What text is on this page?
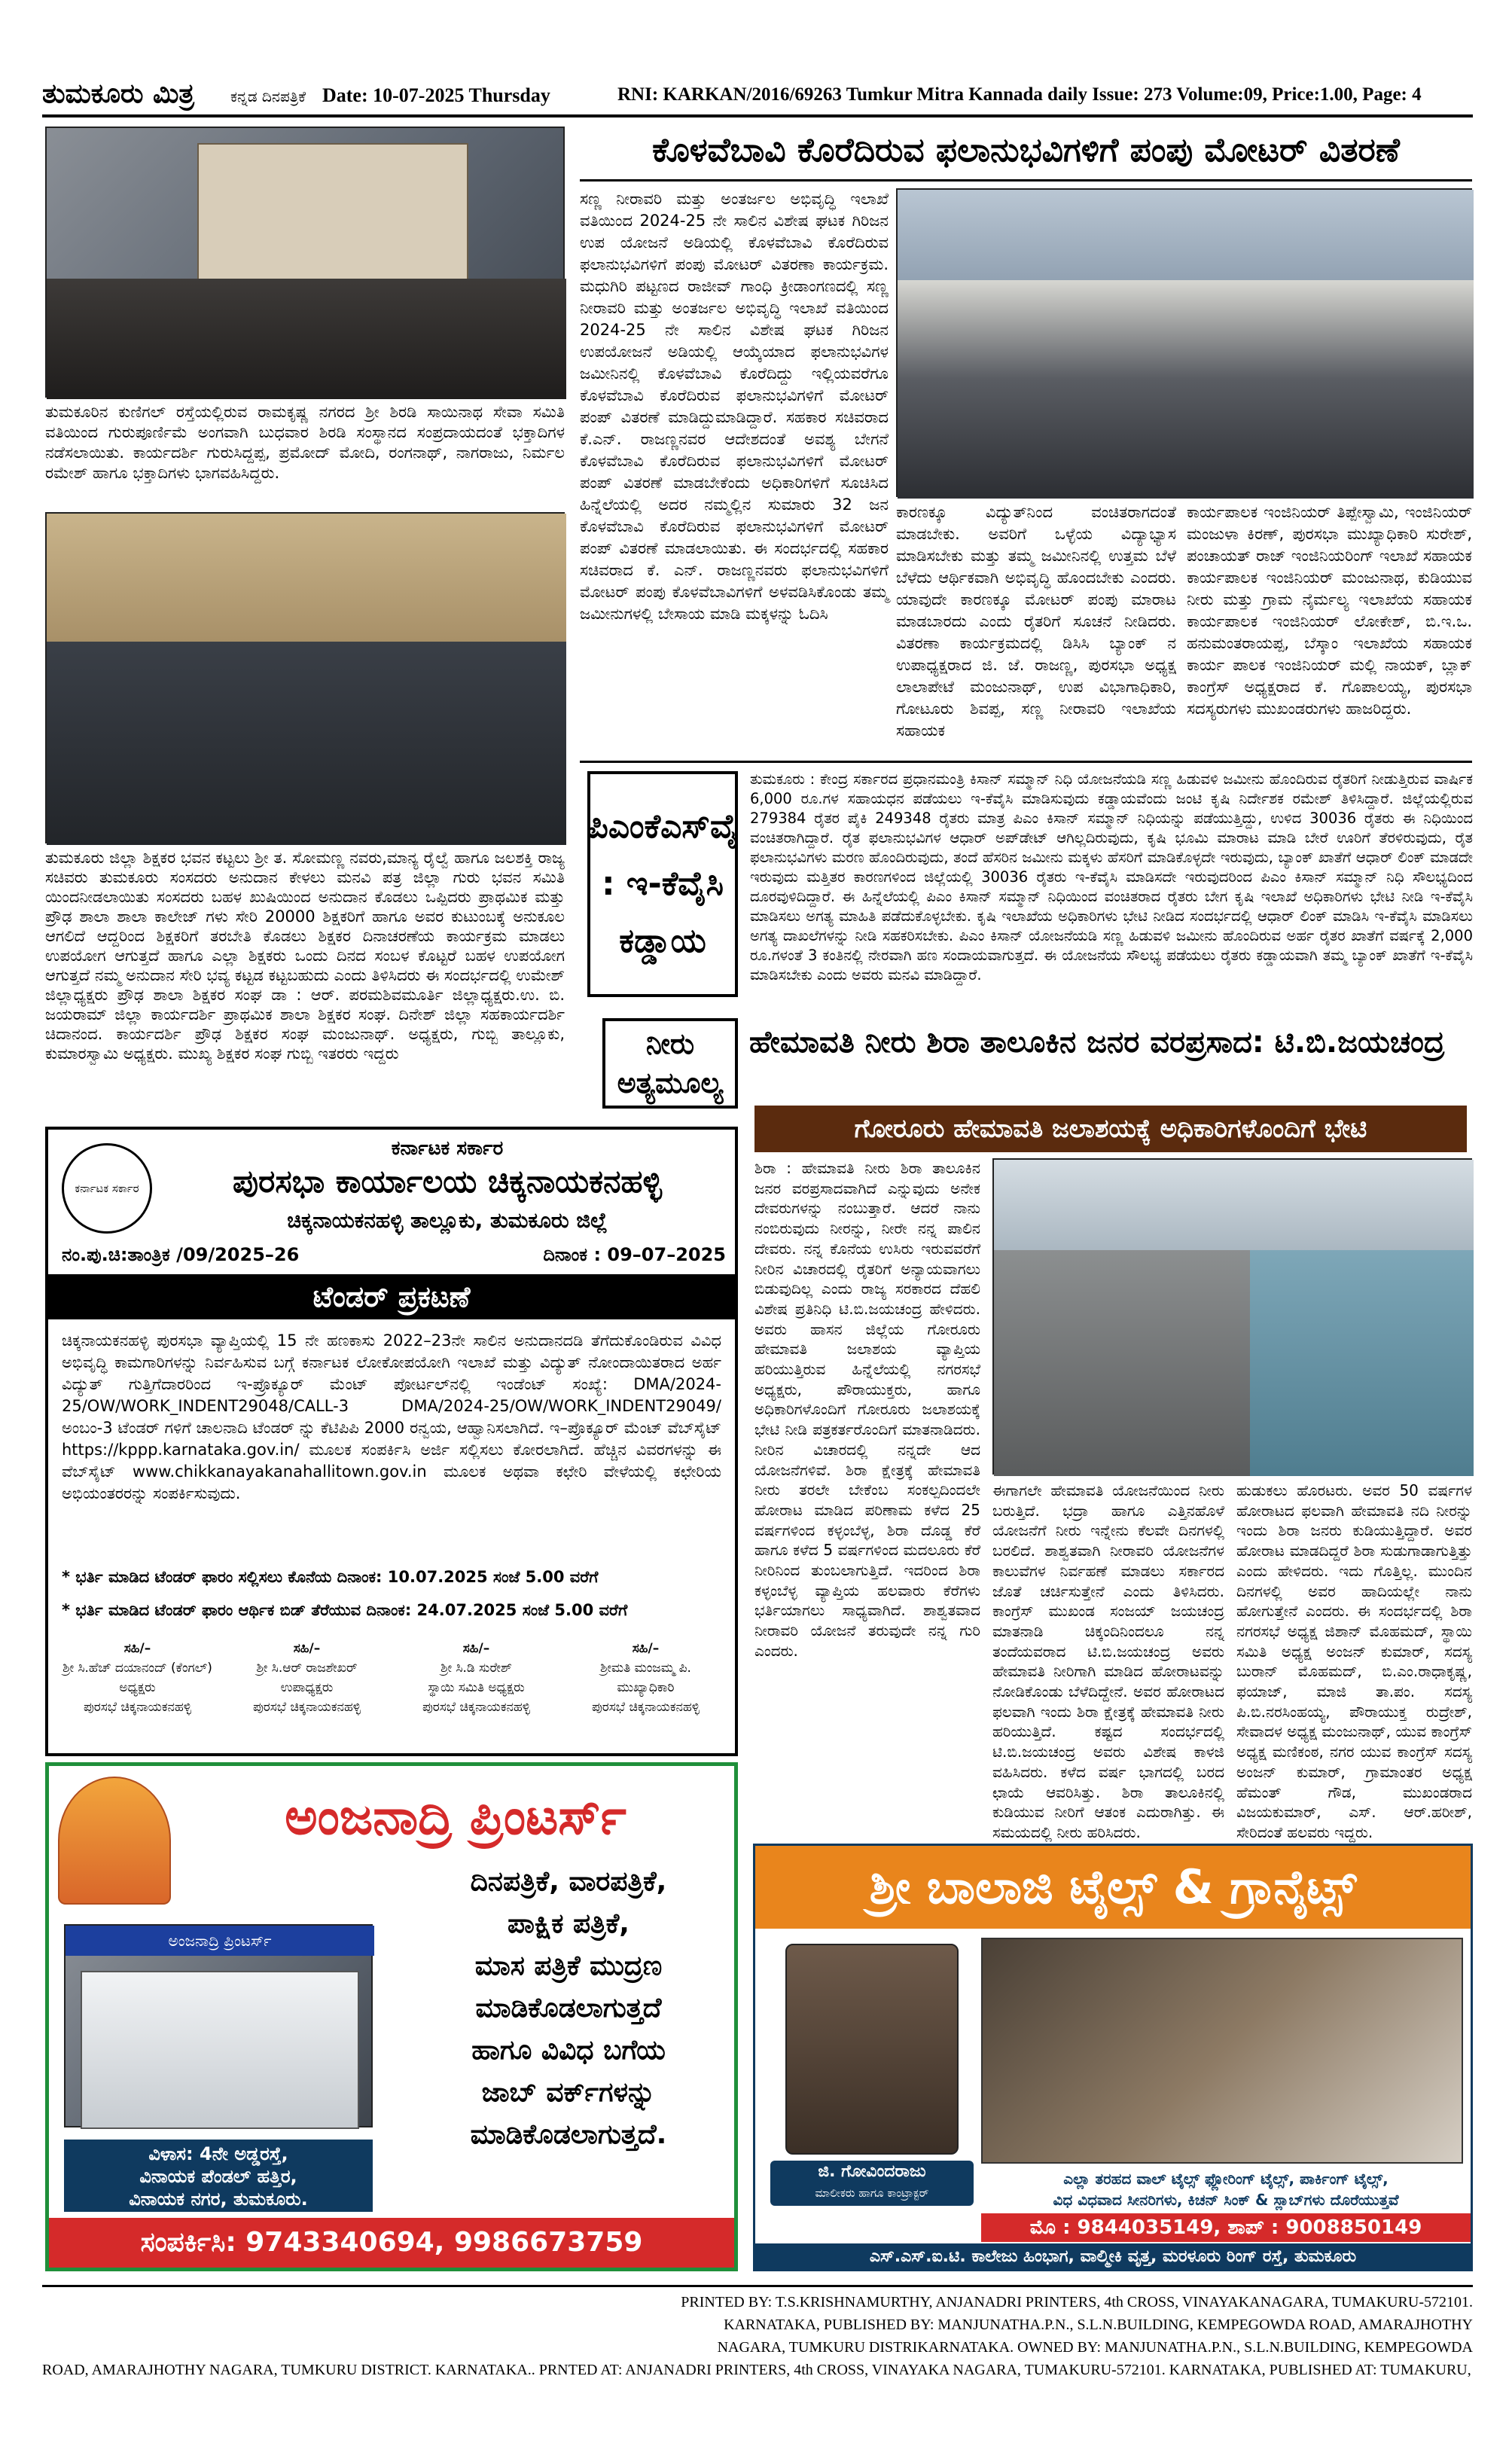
ತುಮಕೂರು ಮಿತ್ರ ಕನ್ನಡ ದಿನಪತ್ರಿಕೆ Date: 10-07-2025 Thursday	RNI: KARKAN/2016/69263 Tumkur Mitra Kannada daily Issue: 273 Volume:09, Price:1.00, Page: 4
ತುಮಕೂರಿನ ಕುಣಿಗಲ್ ರಸ್ತೆಯಲ್ಲಿರುವ ರಾಮಕೃಷ್ಣ ನಗರದ ಶ್ರೀ ಶಿರಡಿ ಸಾಯಿನಾಥ ಸೇವಾ ಸಮಿತಿ ವತಿಯಿಂದ ಗುರುಪೂರ್ಣಿಮೆ ಅಂಗವಾಗಿ ಬುಧವಾರ ಶಿರಡಿ ಸಂಸ್ಥಾನದ ಸಂಪ್ರದಾಯದಂತೆ ಭಕ್ತಾದಿಗಳ ನಡೆಸಲಾಯಿತು. ಕಾರ್ಯದರ್ಶಿ ಗುರುಸಿದ್ದಪ್ಪ, ಪ್ರಮೋದ್ ಮೋದಿ, ರಂಗನಾಥ್, ನಾಗರಾಜು, ನಿರ್ಮಲ ರಮೇಶ್ ಹಾಗೂ ಭಕ್ತಾದಿಗಳು ಭಾಗವಹಿಸಿದ್ದರು.
ತುಮಕೂರು ಜಿಲ್ಲಾ ಶಿಕ್ಷಕರ ಭವನ ಕಟ್ಟಲು ಶ್ರೀ ತ. ಸೋಮಣ್ಣ ನವರು,ಮಾನ್ಯ ರೈಲ್ವೆ ಹಾಗೂ ಜಲಶಕ್ತಿ ರಾಜ್ಯ ಸಚಿವರು ತುಮಕೂರು ಸಂಸದರು ಅನುದಾನ ಕೇಳಲು ಮನವಿ ಪತ್ರ ಜಿಲ್ಲಾ ಗುರು ಭವನ ಸಮಿತಿ ಯಿಂದನೀಡಲಾಯಿತು ಸಂಸದರು ಬಹಳ ಖುಷಿಯಿಂದ ಅನುದಾನ ಕೊಡಲು ಒಪ್ಪಿದರು ಪ್ರಾಥಮಿಕ ಮತ್ತು ಪ್ರೌಢ ಶಾಲಾ ಶಾಲಾ ಕಾಲೇಜ್ ಗಳು ಸೇರಿ 20000 ಶಿಕ್ಷಕರಿಗೆ ಹಾಗೂ ಅವರ ಕುಟುಂಬಕ್ಕೆ ಅನುಕೂಲ ಆಗಲಿದೆ ಆದ್ದರಿಂದ ಶಿಕ್ಷಕರಿಗೆ ತರಬೇತಿ ಕೊಡಲು ಶಿಕ್ಷಕರ ದಿನಾಚರಣೆಯ ಕಾರ್ಯಕ್ರಮ ಮಾಡಲು ಉಪಯೋಗ ಆಗುತ್ತದೆ ಹಾಗೂ ಎಲ್ಲಾ ಶಿಕ್ಷಕರು ಒಂದು ದಿನದ ಸಂಬಳ ಕೊಟ್ಟರೆ ಬಹಳ ಉಪಯೋಗ ಆಗುತ್ತದೆ ನಮ್ಮ ಅನುದಾನ ಸೇರಿ ಭವ್ಯ ಕಟ್ಟಡ ಕಟ್ಟಬಹುದು ಎಂದು ತಿಳಿಸಿದರು ಈ ಸಂದರ್ಭದಲ್ಲಿ ಉಮೇಶ್ ಜಿಲ್ಲಾಧ್ಯಕ್ಷರು ಪ್ರೌಢ ಶಾಲಾ ಶಿಕ್ಷಕರ ಸಂಘ ಡಾ : ಆರ್. ಪರಮಶಿವಮೂರ್ತಿ ಜಿಲ್ಲಾಧ್ಯಕ್ಷರು.ಉ. ಬಿ. ಜಯರಾಮ್ ಜಿಲ್ಲಾ ಕಾರ್ಯದರ್ಶಿ ಪ್ರಾಥಮಿಕ ಶಾಲಾ ಶಿಕ್ಷಕರ ಸಂಘ. ದಿನೇಶ್ ಜಿಲ್ಲಾ ಸಹಕಾರ್ಯದರ್ಶಿ ಚಿದಾನಂದ. ಕಾರ್ಯದರ್ಶಿ ಪ್ರೌಢ ಶಿಕ್ಷಕರ ಸಂಘ ಮಂಜುನಾಥ್. ಅಧ್ಯಕ್ಷರು, ಗುಬ್ಬಿ ತಾಲ್ಲೂಕು, ಕುಮಾರಸ್ವಾಮಿ ಅಧ್ಯಕ್ಷರು. ಮುಖ್ಯ ಶಿಕ್ಷಕರ ಸಂಘ ಗುಬ್ಬಿ ಇತರರು ಇದ್ದರು
ಕೊಳವೆಬಾವಿ ಕೊರೆದಿರುವ ಫಲಾನುಭವಿಗಳಿಗೆ ಪಂಪು ಮೋಟರ್ ವಿತರಣೆ
ಸಣ್ಣ ನೀರಾವರಿ ಮತ್ತು ಅಂತರ್ಜಲ ಅಭಿವೃದ್ಧಿ ಇಲಾಖೆ ವತಿಯಿಂದ 2024-25 ನೇ ಸಾಲಿನ ವಿಶೇಷ ಘಟಕ ಗಿರಿಜನ ಉಪ ಯೋಜನೆ ಅಡಿಯಲ್ಲಿ ಕೊಳವೆಬಾವಿ ಕೊರೆದಿರುವ ಫಲಾನುಭವಿಗಳಿಗೆ ಪಂಪು ಮೋಟರ್ ವಿತರಣಾ ಕಾರ್ಯಕ್ರಮ. ಮಧುಗಿರಿ ಪಟ್ಟಣದ ರಾಜೀವ್ ಗಾಂಧಿ ಕ್ರೀಡಾಂಗಣದಲ್ಲಿ ಸಣ್ಣ ನೀರಾವರಿ ಮತ್ತು ಅಂತರ್ಜಲ ಅಭಿವೃದ್ಧಿ ಇಲಾಖೆ ವತಿಯಿಂದ 2024-25 ನೇ ಸಾಲಿನ ವಿಶೇಷ ಘಟಕ ಗಿರಿಜನ ಉಪಯೋಜನೆ ಅಡಿಯಲ್ಲಿ ಆಯ್ಕೆಯಾದ ಫಲಾನುಭವಿಗಳ ಜಮೀನಿನಲ್ಲಿ ಕೊಳವೆಬಾವಿ ಕೊರೆದಿದ್ದು ಇಲ್ಲಿಯವರೆಗೂ ಕೊಳವೆಬಾವಿ ಕೊರೆದಿರುವ ಫಲಾನುಭವಿಗಳಿಗೆ ಮೋಟರ್ ಪಂಪ್ ವಿತರಣೆ ಮಾಡಿದ್ದುಮಾಡಿದ್ದಾರೆ. ಸಹಕಾರ ಸಚಿವರಾದ ಕೆ.ಎನ್. ರಾಜಣ್ಣನವರ ಆದೇಶದಂತೆ ಅವಶ್ಯ ಬೇಗನೆ ಕೊಳವೆಬಾವಿ ಕೊರೆದಿರುವ ಫಲಾನುಭವಿಗಳಿಗೆ ಮೋಟರ್ ಪಂಪ್ ವಿತರಣೆ ಮಾಡಬೇಕೆಂದು ಅಧಿಕಾರಿಗಳಿಗೆ ಸೂಚಿಸಿದ ಹಿನ್ನೆಲೆಯಲ್ಲಿ ಅದರ ನಮ್ಮಲ್ಲಿನ ಸುಮಾರು 32 ಜನ ಕೊಳವೆಬಾವಿ ಕೊರೆದಿರುವ ಫಲಾನುಭವಿಗಳಿಗೆ ಮೋಟರ್ ಪಂಪ್ ವಿತರಣೆ ಮಾಡಲಾಯಿತು. ಈ ಸಂದರ್ಭದಲ್ಲಿ ಸಹಕಾರ ಸಚಿವರಾದ ಕೆ. ಎನ್. ರಾಜಣ್ಣನವರು ಫಲಾನುಭವಿಗಳಿಗೆ ಮೋಟರ್ ಪಂಪು ಕೊಳವೆಬಾವಿಗಳಿಗೆ ಅಳವಡಿಸಿಕೊಂಡು ತಮ್ಮ ಜಮೀನುಗಳಲ್ಲಿ ಬೇಸಾಯ ಮಾಡಿ ಮಕ್ಕಳನ್ನು ಓದಿಸಿ
ಕಾರಣಕ್ಕೂ ವಿದ್ಯುತ್‌ನಿಂದ ವಂಚಿತರಾಗದಂತೆ ಮಾಡಬೇಕು. ಅವರಿಗೆ ಒಳ್ಳೆಯ ವಿದ್ಯಾಭ್ಯಾಸ ಮಾಡಿಸಬೇಕು ಮತ್ತು ತಮ್ಮ ಜಮೀನಿನಲ್ಲಿ ಉತ್ತಮ ಬೆಳೆ ಬೆಳೆದು ಆರ್ಥಿಕವಾಗಿ ಅಭಿವೃದ್ಧಿ ಹೊಂದಬೇಕು ಎಂದರು. ಯಾವುದೇ ಕಾರಣಕ್ಕೂ ಮೋಟರ್ ಪಂಪು ಮಾರಾಟ ಮಾಡಬಾರದು ಎಂದು ರೈತರಿಗೆ ಸೂಚನೆ ನೀಡಿದರು. ವಿತರಣಾ ಕಾರ್ಯಕ್ರಮದಲ್ಲಿ ಡಿಸಿಸಿ ಬ್ಯಾಂಕ್ ನ ಉಪಾಧ್ಯಕ್ಷರಾದ ಜಿ. ಜೆ. ರಾಜಣ್ಣ, ಪುರಸಭಾ ಅಧ್ಯಕ್ಷ ಲಾಲಾಪೇಟೆ ಮಂಜುನಾಥ್, ಉಪ ವಿಭಾಗಾಧಿಕಾರಿ, ಗೋಟೂರು ಶಿವಪ್ಪ, ಸಣ್ಣ ನೀರಾವರಿ ಇಲಾಖೆಯ ಸಹಾಯಕ
ಕಾರ್ಯಪಾಲಕ ಇಂಜಿನಿಯರ್ ತಿಪ್ಪೇಸ್ವಾಮಿ, ಇಂಜಿನಿಯರ್ ಮಂಜುಳಾ ಕಿರಣ್, ಪುರಸಭಾ ಮುಖ್ಯಾಧಿಕಾರಿ ಸುರೇಶ್, ಪಂಚಾಯತ್ ರಾಜ್ ಇಂಜಿನಿಯರಿಂಗ್ ಇಲಾಖೆ ಸಹಾಯಕ ಕಾರ್ಯಪಾಲಕ ಇಂಜಿನಿಯರ್ ಮಂಜುನಾಥ, ಕುಡಿಯುವ ನೀರು ಮತ್ತು ಗ್ರಾಮ ನೈರ್ಮಲ್ಯ ಇಲಾಖೆಯ ಸಹಾಯಕ ಕಾರ್ಯಪಾಲಕ ಇಂಜಿನಿಯರ್ ಲೋಕೇಶ್, ಬಿ.ಇ.ಒ. ಹನುಮಂತರಾಯಪ್ಪ, ಬೆಸ್ಕಾಂ ಇಲಾಖೆಯ ಸಹಾಯಕ ಕಾರ್ಯ ಪಾಲಕ ಇಂಜಿನಿಯರ್ ಮಲ್ಲಿ ನಾಯಕ್, ಬ್ಲಾಕ್ ಕಾಂಗ್ರೆಸ್ ಅಧ್ಯಕ್ಷರಾದ ಕೆ. ಗೊಪಾಲಯ್ಯ, ಪುರಸಭಾ ಸದಸ್ಯರುಗಳು ಮುಖಂಡರುಗಳು ಹಾಜರಿದ್ದರು.
ಪಿಎಂಕೆಎಸ್‌ವೈ : ಇ-ಕೆವೈಸಿ ಕಡ್ಡಾಯ
ತುಮಕೂರು : ಕೇಂದ್ರ ಸರ್ಕಾರದ ಪ್ರಧಾನಮಂತ್ರಿ ಕಿಸಾನ್ ಸಮ್ಮಾನ್ ನಿಧಿ ಯೋಜನೆಯಡಿ ಸಣ್ಣ ಹಿಡುವಳಿ ಜಮೀನು ಹೊಂದಿರುವ ರೈತರಿಗೆ ನೀಡುತ್ತಿರುವ ವಾರ್ಷಿಕ 6,000 ರೂ.ಗಳ ಸಹಾಯಧನ ಪಡೆಯಲು ಇ-ಕೆವೈಸಿ ಮಾಡಿಸುವುದು ಕಡ್ಡಾಯವೆಂದು ಜಂಟಿ ಕೃಷಿ ನಿರ್ದೇಶಕ ರಮೇಶ್ ತಿಳಿಸಿದ್ದಾರೆ. ಜಿಲ್ಲೆಯಲ್ಲಿರುವ 279384 ರೈತರ ಪೈಕಿ 249348 ರೈತರು ಮಾತ್ರ ಪಿಎಂ ಕಿಸಾನ್ ಸಮ್ಮಾನ್ ನಿಧಿಯನ್ನು ಪಡೆಯುತ್ತಿದ್ದು, ಉಳಿದ 30036 ರೈತರು ಈ ನಿಧಿಯಿಂದ ವಂಚಿತರಾಗಿದ್ದಾರೆ. ರೈತ ಫಲಾನುಭವಿಗಳ ಆಧಾರ್ ಅಪ್‌ಡೇಟ್ ಆಗಿಲ್ಲದಿರುವುದು, ಕೃಷಿ ಭೂಮಿ ಮಾರಾಟ ಮಾಡಿ ಬೇರೆ ಊರಿಗೆ ತೆರಳಿರುವುದು, ರೈತ ಫಲಾನುಭವಿಗಳು ಮರಣ ಹೊಂದಿರುವುದು, ತಂದೆ ಹೆಸರಿನ ಜಮೀನು ಮಕ್ಕಳು ಹೆಸರಿಗೆ ಮಾಡಿಕೊಳ್ಳದೇ ಇರುವುದು, ಬ್ಯಾಂಕ್ ಖಾತೆಗೆ ಆಧಾರ್ ಲಿಂಕ್ ಮಾಡದೇ ಇರುವುದು ಮತ್ತಿತರ ಕಾರಣಗಳಿಂದ ಜಿಲ್ಲೆಯಲ್ಲಿ 30036 ರೈತರು ಇ-ಕೆವೈಸಿ ಮಾಡಿಸದೇ ಇರುವುದರಿಂದ ಪಿಎಂ ಕಿಸಾನ್ ಸಮ್ಮಾನ್ ನಿಧಿ ಸೌಲಭ್ಯದಿಂದ ದೂರವುಳಿದಿದ್ದಾರೆ. ಈ ಹಿನ್ನೆಲೆಯಲ್ಲಿ ಪಿಎಂ ಕಿಸಾನ್ ಸಮ್ಮಾನ್ ನಿಧಿಯಿಂದ ವಂಚಿತರಾದ ರೈತರು ಬೇಗ ಕೃಷಿ ಇಲಾಖೆ ಅಧಿಕಾರಿಗಳು ಭೇಟಿ ನೀಡಿ ಇ-ಕೆವೈಸಿ ಮಾಡಿಸಲು ಅಗತ್ಯ ಮಾಹಿತಿ ಪಡೆದುಕೊಳ್ಳಬೇಕು. ಕೃಷಿ ಇಲಾಖೆಯ ಅಧಿಕಾರಿಗಳು ಭೇಟಿ ನೀಡಿದ ಸಂದರ್ಭದಲ್ಲಿ ಆಧಾರ್ ಲಿಂಕ್ ಮಾಡಿಸಿ ಇ-ಕೆವೈಸಿ ಮಾಡಿಸಲು ಅಗತ್ಯ ದಾಖಲೆಗಳನ್ನು ನೀಡಿ ಸಹಕರಿಸಬೇಕು. ಪಿಎಂ ಕಿಸಾನ್ ಯೋಜನೆಯಡಿ ಸಣ್ಣ ಹಿಡುವಳಿ ಜಮೀನು ಹೊಂದಿರುವ ಅರ್ಹ ರೈತರ ಖಾತೆಗೆ ವರ್ಷಕ್ಕೆ 2,000 ರೂ.ಗಳಂತೆ 3 ಕಂತಿನಲ್ಲಿ ನೇರವಾಗಿ ಹಣ ಸಂದಾಯವಾಗುತ್ತದೆ. ಈ ಯೋಜನೆಯ ಸೌಲಭ್ಯ ಪಡೆಯಲು ರೈತರು ಕಡ್ಡಾಯವಾಗಿ ತಮ್ಮ ಬ್ಯಾಂಕ್ ಖಾತೆಗೆ ಇ-ಕೆವೈಸಿ ಮಾಡಿಸಬೇಕು ಎಂದು ಅವರು ಮನವಿ ಮಾಡಿದ್ದಾರೆ.
ನೀರು ಅತ್ಯಮೂಲ್ಯ
ಹೇಮಾವತಿ ನೀರು ಶಿರಾ ತಾಲೂಕಿನ ಜನರ ವರಪ್ರಸಾದ: ಟಿ.ಬಿ.ಜಯಚಂದ್ರ
ಗೋರೂರು ಹೇಮಾವತಿ ಜಲಾಶಯಕ್ಕೆ ಅಧಿಕಾರಿಗಳೊಂದಿಗೆ ಭೇಟಿ
ಶಿರಾ : ಹೇಮಾವತಿ ನೀರು ಶಿರಾ ತಾಲೂಕಿನ ಜನರ ವರಪ್ರಸಾದವಾಗಿದೆ ಎನ್ನುವುದು ಅನೇಕ ದೇವರುಗಳನ್ನು ನಂಬುತ್ತಾರೆ. ಆದರೆ ನಾನು ನಂಬಿರುವುದು ನೀರನ್ನು, ನೀರೇ ನನ್ನ ಪಾಲಿನ ದೇವರು. ನನ್ನ ಕೊನೆಯ ಉಸಿರು ಇರುವವರೆಗೆ ನೀರಿನ ವಿಚಾರದಲ್ಲಿ ರೈತರಿಗೆ ಅನ್ಯಾಯವಾಗಲು ಬಿಡುವುದಿಲ್ಲ ಎಂದು ರಾಜ್ಯ ಸರಕಾರದ ದೆಹಲಿ ವಿಶೇಷ ಪ್ರತಿನಿಧಿ ಟಿ.ಬಿ.ಜಯಚಂದ್ರ ಹೇಳಿದರು. ಅವರು ಹಾಸನ ಜಿಲ್ಲೆಯ ಗೋರೂರು ಹೇಮಾವತಿ ಜಲಾಶಯ ವ್ಯಾಪ್ತಿಯ ಹರಿಯುತ್ತಿರುವ ಹಿನ್ನೆಲೆಯಲ್ಲಿ ನಗರಸಭೆ ಅಧ್ಯಕ್ಷರು, ಪೌರಾಯುಕ್ತರು, ಹಾಗೂ ಅಧಿಕಾರಿಗಳೊಂದಿಗೆ ಗೋರೂರು ಜಲಾಶಯಕ್ಕೆ ಭೇಟಿ ನೀಡಿ ಪತ್ರಕರ್ತರೊಂದಿಗೆ ಮಾತನಾಡಿದರು. ನೀರಿನ ವಿಚಾರದಲ್ಲಿ ನನ್ನದೇ ಆದ ಯೋಜನೆಗಳಿವೆ. ಶಿರಾ ಕ್ಷೇತ್ರಕ್ಕೆ ಹೇಮಾವತಿ ನೀರು ತರಲೇ ಬೇಕೆಂಬ ಸಂಕಲ್ಪದಿಂದಲೇ ಹೋರಾಟ ಮಾಡಿದ ಪರಿಣಾಮ ಕಳೆದ 25 ವರ್ಷಗಳಿಂದ ಕಳ್ಳಂಬೆಳ್ಳ, ಶಿರಾ ದೊಡ್ಡ ಕೆರೆ ಹಾಗೂ ಕಳೆದ 5 ವರ್ಷಗಳಿಂದ ಮದಲೂರು ಕೆರೆ ನೀರಿನಿಂದ ತುಂಬಲಾಗುತ್ತಿದೆ. ಇದರಿಂದ ಶಿರಾ ಕಳ್ಳಂಬೆಳ್ಳ ವ್ಯಾಪ್ತಿಯ ಹಲವಾರು ಕೆರೆಗಳು ಭರ್ತಿಯಾಗಲು ಸಾಧ್ಯವಾಗಿದೆ. ಶಾಶ್ವತವಾದ ನೀರಾವರಿ ಯೋಜನೆ ತರುವುದೇ ನನ್ನ ಗುರಿ ಎಂದರು.
ಈಗಾಗಲೇ ಹೇಮಾವತಿ ಯೋಜನೆಯಿಂದ ನೀರು ಬರುತ್ತಿದೆ. ಭದ್ರಾ ಹಾಗೂ ಎತ್ತಿನಹೊಳೆ ಯೋಜನೆಗೆ ನೀರು ಇನ್ನೇನು ಕೆಲವೇ ದಿನಗಳಲ್ಲಿ ಬರಲಿದೆ. ಶಾಶ್ವತವಾಗಿ ನೀರಾವರಿ ಯೋಜನೆಗಳ ಕಾಲುವೆಗಳ ನಿರ್ವಹಣೆ ಮಾಡಲು ಸರ್ಕಾರದ ಜೊತೆ ಚರ್ಚಿಸುತ್ತೇನೆ ಎಂದು ತಿಳಿಸಿದರು. ಕಾಂಗ್ರೆಸ್ ಮುಖಂಡ ಸಂಜಯ್ ಜಯಚಂದ್ರ ಮಾತನಾಡಿ ಚಿಕ್ಕಂದಿನಿಂದಲೂ ನನ್ನ ತಂದೆಯವರಾದ ಟಿ.ಬಿ.ಜಯಚಂದ್ರ ಅವರು ಹೇಮಾವತಿ ನೀರಿಗಾಗಿ ಮಾಡಿದ ಹೋರಾಟವನ್ನು ನೋಡಿಕೊಂಡು ಬೆಳೆದಿದ್ದೇನೆ. ಅವರ ಹೋರಾಟದ ಫಲವಾಗಿ ಇಂದು ಶಿರಾ ಕ್ಷೇತ್ರಕ್ಕೆ ಹೇಮಾವತಿ ನೀರು ಹರಿಯುತ್ತಿದೆ. ಕಷ್ಟದ ಸಂದರ್ಭದಲ್ಲಿ ಟಿ.ಬಿ.ಜಯಚಂದ್ರ ಅವರು ವಿಶೇಷ ಕಾಳಜಿ ವಹಿಸಿದರು. ಕಳೆದ ವರ್ಷ ಭಾಗದಲ್ಲಿ ಬರದ ಛಾಯೆ ಆವರಿಸಿತ್ತು. ಶಿರಾ ತಾಲೂಕಿನಲ್ಲಿ ಕುಡಿಯುವ ನೀರಿಗೆ ಆತಂಕ ಎದುರಾಗಿತ್ತು. ಈ ಸಮಯದಲ್ಲಿ ನೀರು ಹರಿಸಿದರು.
ಹುಡುಕಲು ಹೊರಟರು. ಅವರ 50 ವರ್ಷಗಳ ಹೋರಾಟದ ಫಲವಾಗಿ ಹೇಮಾವತಿ ನದಿ ನೀರನ್ನು ಇಂದು ಶಿರಾ ಜನರು ಕುಡಿಯುತ್ತಿದ್ದಾರೆ. ಅವರ ಹೋರಾಟ ಮಾಡದಿದ್ದರೆ ಶಿರಾ ಸುಡುಗಾಡಾಗುತ್ತಿತ್ತು ಎಂದು ಹೇಳಿದರು. ಇದು ಗೊತ್ತಿಲ್ಲ. ಮುಂದಿನ ದಿನಗಳಲ್ಲಿ ಅವರ ಹಾದಿಯಲ್ಲೇ ನಾನು ಹೋಗುತ್ತೇನೆ ಎಂದರು. ಈ ಸಂದರ್ಭದಲ್ಲಿ ಶಿರಾ ನಗರಸಭೆ ಅಧ್ಯಕ್ಷ ಜಿಶಾನ್ ಮೊಹಮದ್, ಸ್ಥಾಯಿ ಸಮಿತಿ ಅಧ್ಯಕ್ಷ ಅಂಜನ್ ಕುಮಾರ್, ಸದಸ್ಯ ಬುರಾನ್ ಮೊಹಮದ್, ಬಿ.ಎಂ.ರಾಧಾಕೃಷ್ಣ, ಫಯಾಜ್, ಮಾಜಿ ತಾ.ಪಂ. ಸದಸ್ಯ ಪಿ.ಬಿ.ನರಸಿಂಹಯ್ಯ, ಪೌರಾಯುಕ್ತ ರುದ್ರೇಶ್, ಸೇವಾದಳ ಅಧ್ಯಕ್ಷ ಮಂಜುನಾಥ್, ಯುವ ಕಾಂಗ್ರೆಸ್ ಅಧ್ಯಕ್ಷ ಮಣಿಕಂಠ, ನಗರ ಯುವ ಕಾಂಗ್ರೆಸ್ ಸದಸ್ಯ ಅಂಜನ್ ಕುಮಾರ್, ಗ್ರಾಮಾಂತರ ಅಧ್ಯಕ್ಷ ಹೆಮಂತ್ ಗೌಡ, ಮುಖಂಡರಾದ ವಿಜಯಕುಮಾರ್, ಎಸ್. ಆರ್.ಹರೀಶ್, ಸೇರಿದಂತೆ ಹಲವರು ಇದ್ದರು.
ಕರ್ನಾಟಕ ಸರ್ಕಾರ
ಕರ್ನಾಟಕ ಸರ್ಕಾರ
ಪುರಸಭಾ ಕಾರ್ಯಾಲಯ ಚಿಕ್ಕನಾಯಕನಹಳ್ಳಿ
ಚಿಕ್ಕನಾಯಕನಹಳ್ಳಿ ತಾಲ್ಲೂಕು, ತುಮಕೂರು ಜಿಲ್ಲೆ
ನಂ.ಪು.ಚಿ:ತಾಂತ್ರಿಕ /09/2025–26	ದಿನಾಂಕ : 09–07–2025
ಟೆಂಡರ್ ಪ್ರಕಟಣೆ
ಚಿಕ್ಕನಾಯಕನಹಳ್ಳಿ ಪುರಸಭಾ ವ್ಯಾಪ್ತಿಯಲ್ಲಿ 15 ನೇ ಹಣಕಾಸು 2022–23ನೇ ಸಾಲಿನ ಅನುದಾನದಡಿ ತೆಗೆದುಕೊಂಡಿರುವ ವಿವಿಧ ಅಭಿವೃದ್ಧಿ ಕಾಮಗಾರಿಗಳನ್ನು ನಿರ್ವಹಿಸುವ ಬಗ್ಗೆ ಕರ್ನಾಟಕ ಲೋಕೋಪಯೋಗಿ ಇಲಾಖೆ ಮತ್ತು ವಿದ್ಯುತ್ ನೋಂದಾಯಿತರಾದ ಅರ್ಹ ವಿದ್ಯುತ್ ಗುತ್ತಿಗೆದಾರರಿಂದ ಇ-ಪ್ರೊಕ್ಯೂರ್ ಮೆಂಟ್ ಪೋರ್ಟಲ್‌ನಲ್ಲಿ ಇಂಡೆಂಟ್ ಸಂಖ್ಯೆ: DMA/2024-25/OW/WORK_INDENT29048/CALL-3 DMA/2024-25/OW/WORK_INDENT29049/ಅಂಬಂ-3 ಟೆಂಡರ್ ಗಳಿಗೆ ಚಾಲನಾದಿ ಟೆಂಡರ್‌ ನ್ನು ಕೆಟಿಪಿಪಿ 2000 ರನ್ವಯ, ಆಹ್ವಾನಿಸಲಾಗಿದೆ. ಇ–ಪ್ರೊಕ್ಯೂರ್ ಮೆಂಟ್ ವೆಬ್‌ಸೈಟ್ https://kppp.karnataka.gov.in/ ಮೂಲಕ ಸಂಪರ್ಕಿಸಿ ಅರ್ಜಿ ಸಲ್ಲಿಸಲು ಕೋರಲಾಗಿದೆ. ಹೆಚ್ಚಿನ ವಿವರಗಳನ್ನು ಈ ವೆಬ್‌ಸೈಟ್ www.chikkanayakanahallitown.gov.in ಮೂಲಕ ಅಥವಾ ಕಛೇರಿ ವೇಳೆಯಲ್ಲಿ ಕಛೇರಿಯ ಅಭಿಯಂತರರನ್ನು ಸಂಪರ್ಕಿಸುವುದು.
* ಭರ್ತಿ ಮಾಡಿದ ಟೆಂಡರ್ ಫಾರಂ ಸಲ್ಲಿಸಲು ಕೊನೆಯ ದಿನಾಂಕ: 10.07.2025 ಸಂಜೆ 5.00 ವರೆಗೆ
* ಭರ್ತಿ ಮಾಡಿದ ಟೆಂಡರ್ ಫಾರಂ ಆರ್ಥಿಕ ಬಿಡ್ ತೆರೆಯುವ ದಿನಾಂಕ: 24.07.2025 ಸಂಜೆ 5.00 ವರೆಗೆ
ಸಹಿ/–
ಶ್ರೀ ಸಿ.ಹೆಚ್ ದಯಾನಂದ್ (ಕೆಂಗಲ್)
ಅಧ್ಯಕ್ಷರು
ಪುರಸಭೆ ಚಿಕ್ಕನಾಯಕನಹಳ್ಳಿ
ಸಹಿ/–
ಶ್ರೀ ಸಿ.ಆರ್ ರಾಜಶೇಖರ್
ಉಪಾಧ್ಯಕ್ಷರು
ಪುರಸಭೆ ಚಿಕ್ಕನಾಯಕನಹಳ್ಳಿ
ಸಹಿ/–
ಶ್ರೀ ಸಿ.ಡಿ ಸುರೇಶ್
ಸ್ಥಾಯಿ ಸಮಿತಿ ಅಧ್ಯಕ್ಷರು
ಪುರಸಭೆ ಚಿಕ್ಕನಾಯಕನಹಳ್ಳಿ
ಸಹಿ/–
ಶ್ರೀಮತಿ ಮಂಜಮ್ಮ ಪಿ.
ಮುಖ್ಯಾಧಿಕಾರಿ
ಪುರಸಭೆ ಚಿಕ್ಕನಾಯಕನಹಳ್ಳಿ
ಅಂಜನಾದ್ರಿ ಪ್ರಿಂಟರ್ಸ್
ಅಂಜನಾದ್ರಿ ಪ್ರಿಂಟರ್ಸ್
ದಿನಪತ್ರಿಕೆ, ವಾರಪತ್ರಿಕೆ,
ಪಾಕ್ಷಿಕ ಪತ್ರಿಕೆ,
ಮಾಸ ಪತ್ರಿಕೆ ಮುದ್ರಣ
ಮಾಡಿಕೊಡಲಾಗುತ್ತದೆ
ಹಾಗೂ ವಿವಿಧ ಬಗೆಯ
ಜಾಬ್ ವರ್ಕ್‌ಗಳನ್ನು
ಮಾಡಿಕೊಡಲಾಗುತ್ತದೆ.
ವಿಳಾಸ: 4ನೇ ಅಡ್ಡರಸ್ತೆ,
ವಿನಾಯಕ ಪೆಂಡಲ್ ಹತ್ತಿರ,
ವಿನಾಯಕ ನಗರ, ತುಮಕೂರು.
ಸಂಪರ್ಕಿಸಿ: 9743340694, 9986673759
ಶ್ರೀ ಬಾಲಾಜಿ ಟೈಲ್ಸ್ & ಗ್ರಾನೈಟ್ಸ್
ಜಿ. ಗೋವಿಂದರಾಜು
ಮಾಲೀಕರು ಹಾಗೂ ಕಾಂಟ್ರಾಕ್ಟರ್
ಎಲ್ಲಾ ತರಹದ ವಾಲ್ ಟೈಲ್ಸ್ ಫ್ಲೋರಿಂಗ್ ಟೈಲ್ಸ್, ಪಾರ್ಕಿಂಗ್ ಟೈಲ್ಸ್,
ವಿಧ ವಿಧವಾದ ಸೀನರಿಗಳು, ಕಿಚನ್ ಸಿಂಕ್ & ಸ್ಲಾಬ್‌ಗಳು ದೊರೆಯುತ್ತವೆ
ಮೊ : 9844035149, ಶಾಪ್ : 9008850149
ಎಸ್.ಎಸ್.ಐ.ಟಿ. ಕಾಲೇಜು ಹಿಂಭಾಗ, ವಾಲ್ಮೀಕಿ ವೃತ್ತ, ಮರಳೂರು ರಿಂಗ್ ರಸ್ತೆ, ತುಮಕೂರು
PRINTED BY: T.S.KRISHNAMURTHY, ANJANADRI PRINTERS, 4th CROSS, VINAYAKANAGARA, TUMAKURU-572101.
KARNATAKA, PUBLISHED BY: MANJUNATHA.P.N., S.L.N.BUILDING, KEMPEGOWDA ROAD, AMARAJHOTHY
NAGARA, TUMKURU DISTRIKARNATAKA. OWNED BY: MANJUNATHA.P.N., S.L.N.BUILDING, KEMPEGOWDA
ROAD, AMARAJHOTHY NAGARA, TUMKURU DISTRICT. KARNATAKA.. PRNTED AT: ANJANADRI PRINTERS, 4th CROSS, VINAYAKA NAGARA, TUMAKURU-572101. KARNATAKA, PUBLISHED AT: TUMAKURU,
